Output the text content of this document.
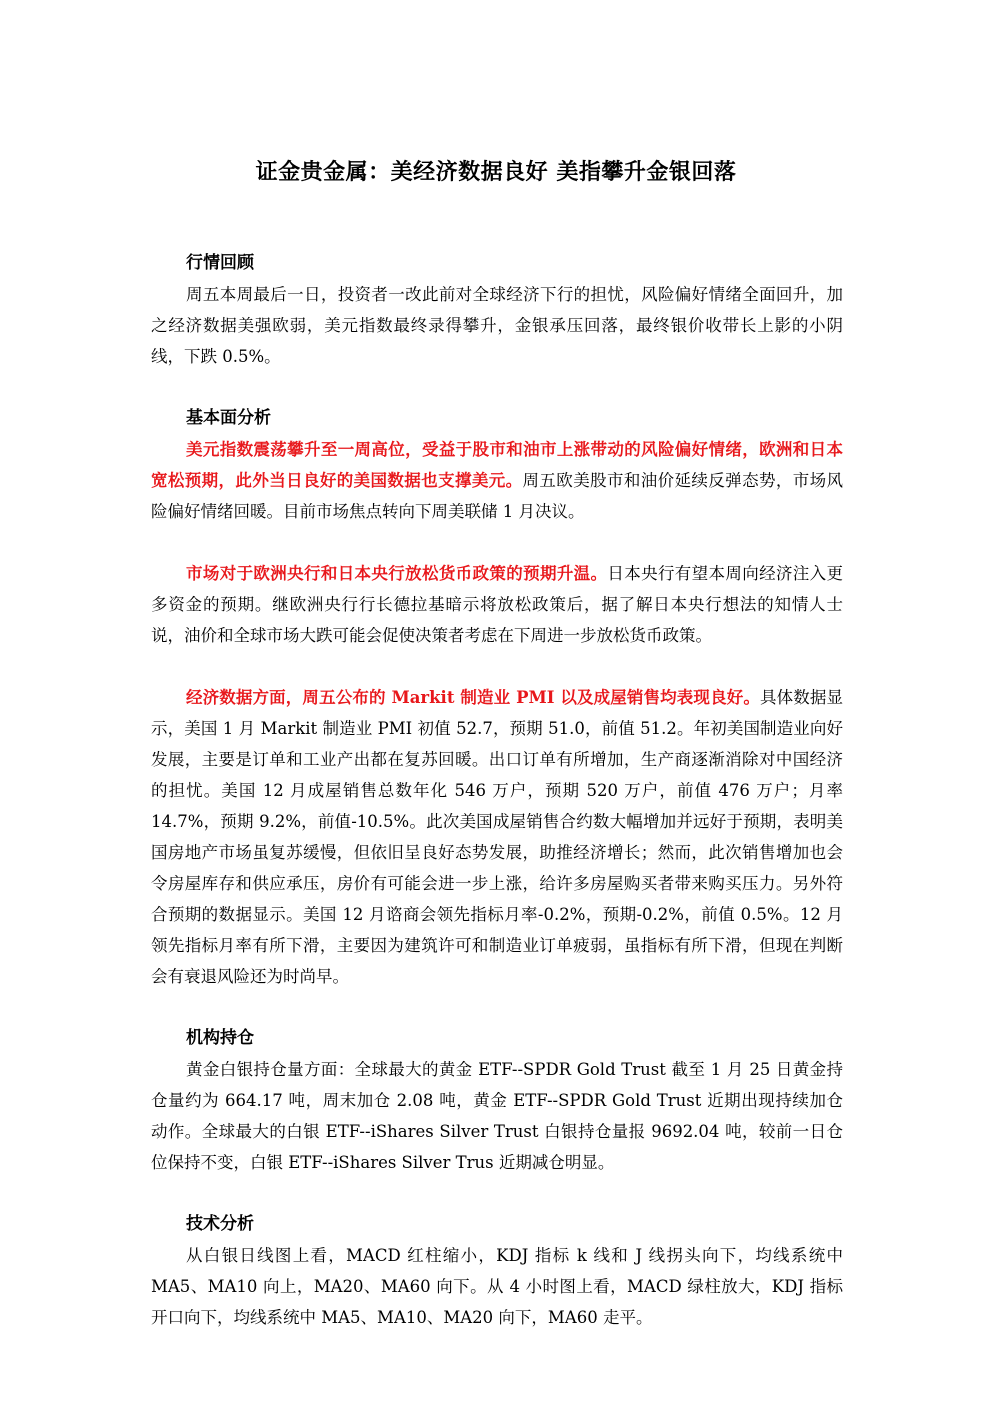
证金贵金属：美经济数据良好 美指攀升金银回落
行情回顾

周五本周最后一日，投资者一改此前对全球经济下行的担忧，风险偏好情绪全面回升，加之经济数据美强欧弱，美元指数最终录得攀升，金银承压回落，最终银价收带长上影的小阴线，下跌 0.5%。

基本面分析

美元指数震荡攀升至一周高位，受益于股市和油市上涨带动的风险偏好情绪，欧洲和日本宽松预期，此外当日良好的美国数据也支撑美元。周五欧美股市和油价延续反弹态势，市场风险偏好情绪回暖。目前市场焦点转向下周美联储 1 月决议。

市场对于欧洲央行和日本央行放松货币政策的预期升温。日本央行有望本周向经济注入更多资金的预期。继欧洲央行行长德拉基暗示将放松政策后，据了解日本央行想法的知情人士说，油价和全球市场大跌可能会促使决策者考虑在下周进一步放松货币政策。

经济数据方面，周五公布的 Markit 制造业 PMI 以及成屋销售均表现良好。具体数据显示，美国 1 月 Markit 制造业 PMI 初值 52.7，预期 51.0，前值 51.2。年初美国制造业向好发展，主要是订单和工业产出都在复苏回暖。出口订单有所增加，生产商逐渐消除对中国经济的担忧。美国 12 月成屋销售总数年化 546 万户，预期 520 万户，前值 476 万户；月率 14.7%，预期 9.2%，前值-10.5%。此次美国成屋销售合约数大幅增加并远好于预期，表明美国房地产市场虽复苏缓慢，但依旧呈良好态势发展，助推经济增长；然而，此次销售增加也会令房屋库存和供应承压，房价有可能会进一步上涨，给许多房屋购买者带来购买压力。另外符合预期的数据显示。美国 12 月谘商会领先指标月率-0.2%，预期-0.2%，前值 0.5%。12 月领先指标月率有所下滑，主要因为建筑许可和制造业订单疲弱，虽指标有所下滑，但现在判断会有衰退风险还为时尚早。

机构持仓

黄金白银持仓量方面：全球最大的黄金 ETF--SPDR Gold Trust 截至 1 月 25 日黄金持仓量约为 664.17 吨，周末加仓 2.08 吨，黄金 ETF--SPDR Gold Trust 近期出现持续加仓动作。全球最大的白银 ETF--iShares Silver Trust 白银持仓量报 9692.04 吨，较前一日仓位保持不变，白银 ETF--iShares Silver Trus 近期减仓明显。

技术分析

从白银日线图上看，MACD 红柱缩小，KDJ 指标 k 线和 J 线拐头向下，均线系统中 MA5、MA10 向上，MA20、MA60 向下。从 4 小时图上看，MACD 绿柱放大，KDJ 指标开口向下，均线系统中 MA5、MA10、MA20 向下，MA60 走平。
